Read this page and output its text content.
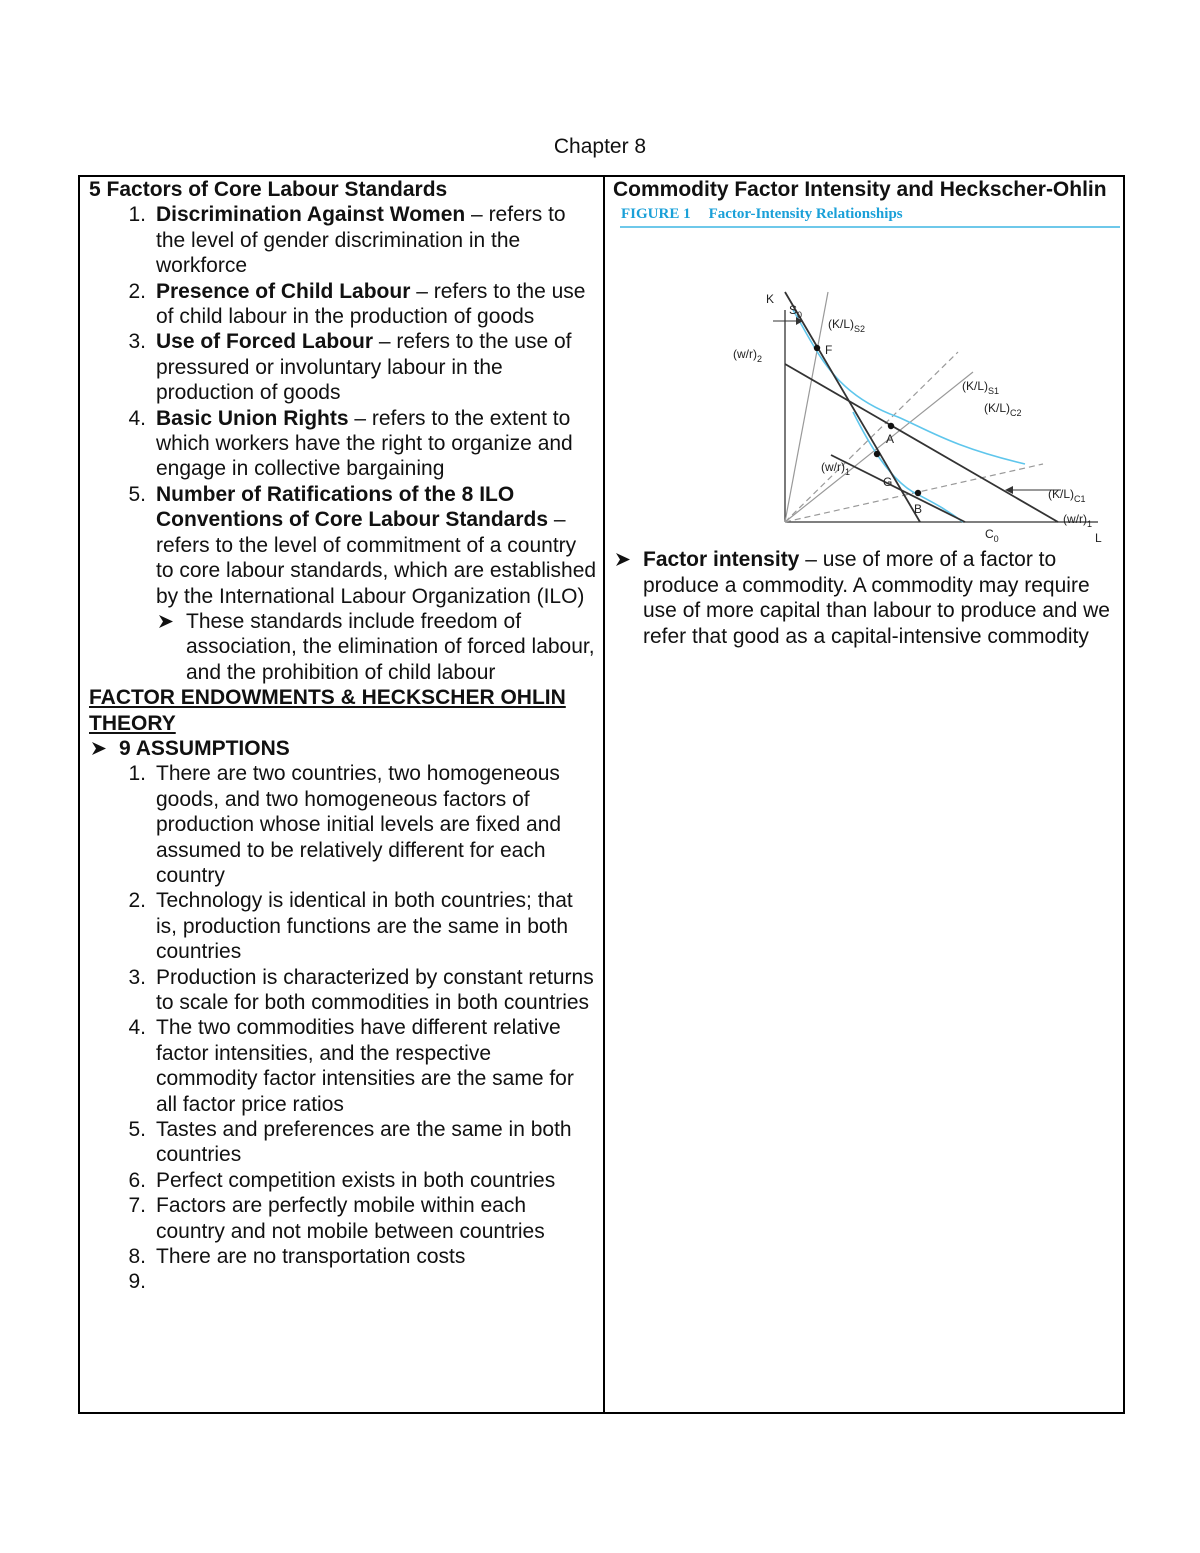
Chapter 8
5 Factors of Core Labour Standards
1 . Discrimination Against Women – refers to the level of gender discrimination in the workforce
2 . Presence of Child Labour – refers to the use of child labour in the production of goods
3 . Use of Forced Labour – refers to the use of pressured or involuntary labour in the production of goods
4 . Basic Union Rights – refers to the extent to which workers have the right to organize and engage in collective bargaining
5 . Number of Ratifications of the 8 ILO Conventions of Core Labour Standards – refers to the level of commitment of a country to core labour standards, which are established by the International Labour Organization (ILO)
These standards include freedom of association, the elimination of forced labour, and the prohibition of child labour
FACTOR ENDOWMENTS & HECKSCHER OHLIN THEORY
9 ASSUMPTIONS
1 . There are two countries, two homogeneous goods, and two homogeneous factors of production whose initial levels are fixed and assumed to be relatively different for each country
2 . Technology is identical in both countries; that is, production functions are the same in both countries
3 . Production is characterized by constant returns to scale for both commodities in both countries
4 . The two commodities have different relative factor intensities, and the respective commodity factor intensities are the same for all factor price ratios
5 . Tastes and preferences are the same in both countries
6 . Perfect competition exists in both countries
7 . Factors are perfectly mobile within each country and not mobile between countries
8 . There are no transportation costs
9 .

Commodity Factor Intensity and Heckscher-Ohlin
FIGURE 1 Factor-Intensity Relationships
K
L
$S_0$
$(K/L)_{S2}$
$(w/r)_2$
F
$(K/L)_{S1}$
$(K/L)_{C2}$
A
$(w/r)_1$
G
B
$(K/L)_{C1}$
$(w/r)_1$
$C_0$
Factor intensity – use of more of a factor to produce a commodity. A commodity may require use of more capital than labour to produce and we refer that good as a capital-intensive commodity
